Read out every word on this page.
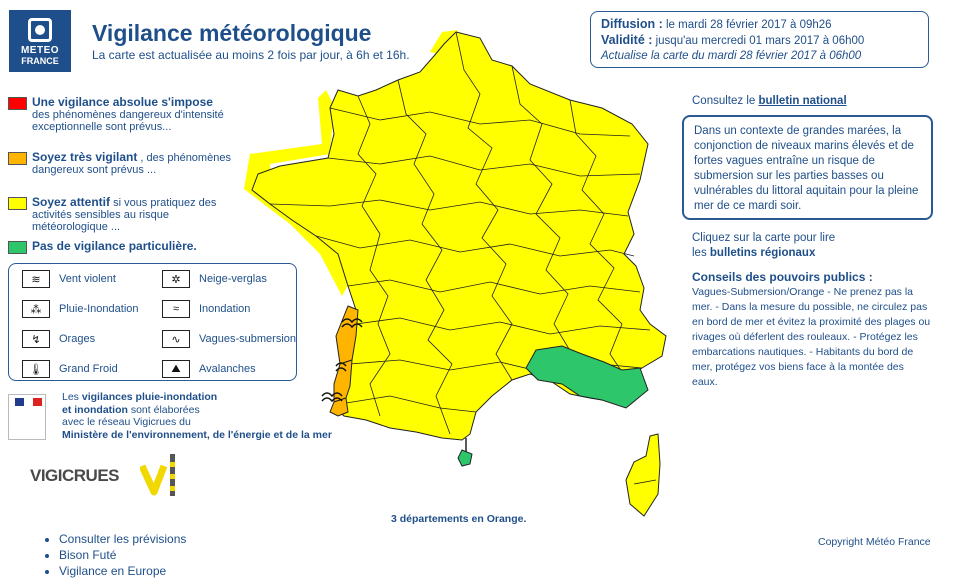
METEO
FRANCE
Vigilance météorologique
La carte est actualisée au moins 2 fois par jour, à 6h et 16h.
Diffusion : le mardi 28 février 2017 à 09h26
Validité : jusqu'au mercredi 01 mars 2017 à 06h00
Actualise la carte du mardi 28 février 2017 à 06h00
Une vigilance absolue s'impose
des phénomènes dangereux d'intensité exceptionnelle sont prévus...
Soyez très vigilant , des phénomènes dangereux sont prévus ...
Soyez attentif si vous pratiquez des activités sensibles au risque météorologique ...
Pas de vigilance particulière.
≋	Vent violent	✲	Neige-verglas
⁂	Pluie-Inondation	≈	Inondation
↯	Orages	∿	Vagues-submersion
🌡	Grand Froid	⛰	Avalanches
Les vigilances pluie-inondation
et inondation sont élaborées
avec le réseau Vigicrues du
Ministère de l'environnement, de l'énergie et de la mer
VIGICRUES
• Consulter les prévisions
• Bison Futé
• Vigilance en Europe
3 départements en Orange.
Consultez le bulletin national
Dans un contexte de grandes marées, la conjonction de niveaux marins élevés et de fortes vagues entraîne un risque de submersion sur les parties basses ou vulnérables du littoral aquitain pour la pleine mer de ce mardi soir.
Cliquez sur la carte pour lire
les bulletins régionaux
Conseils des pouvoirs publics :
Vagues-Submersion/Orange - Ne prenez pas la mer. - Dans la mesure du possible, ne circulez pas en bord de mer et évitez la proximité des plages ou rivages où déferlent des rouleaux. - Protégez les embarcations nautiques. - Habitants du bord de mer, protégez vos biens face à la montée des eaux.
Copyright Météo France
